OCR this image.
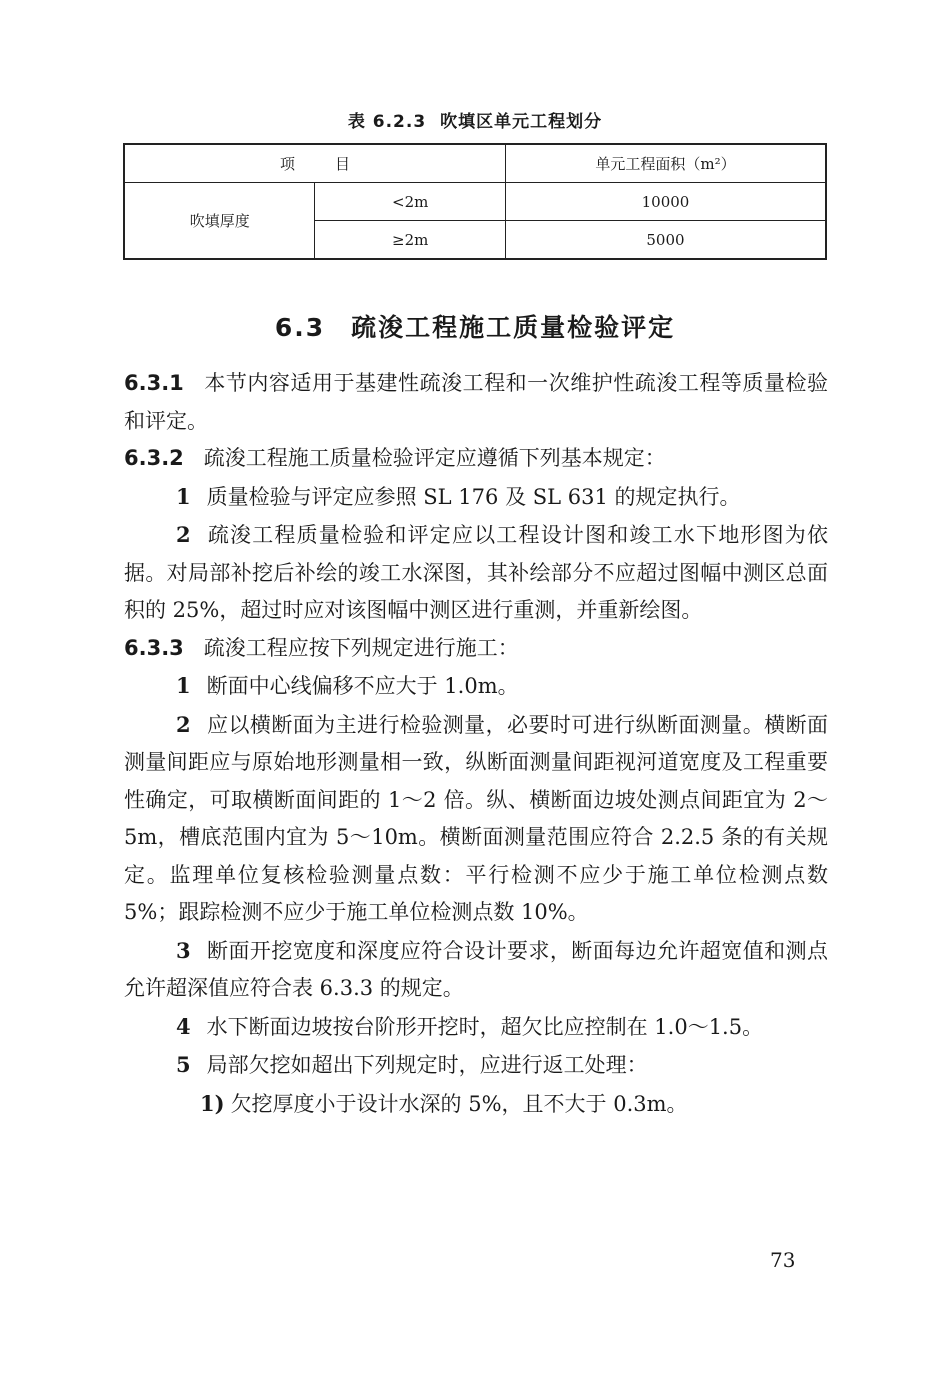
表 6.2.3 吹填区单元工程划分
项目		单元工程面积（m²）
吹填厚度	<2m	10000
	≥2m	5000
6.3 疏浚工程施工质量检验评定

6.3.1 本节内容适用于基建性疏浚工程和一次维护性疏浚工程等质量检验和评定。

6.3.2 疏浚工程施工质量检验评定应遵循下列基本规定：

1 质量检验与评定应参照 SL 176 及 SL 631 的规定执行。

2 疏浚工程质量检验和评定应以工程设计图和竣工水下地形图为依据。对局部补挖后补绘的竣工水深图，其补绘部分不应超过图幅中测区总面积的 25%，超过时应对该图幅中测区进行重测，并重新绘图。

6.3.3 疏浚工程应按下列规定进行施工：

1 断面中心线偏移不应大于 1.0m。

2 应以横断面为主进行检验测量，必要时可进行纵断面测量。横断面测量间距应与原始地形测量相一致，纵断面测量间距视河道宽度及工程重要性确定，可取横断面间距的 1～2 倍。纵、横断面边坡处测点间距宜为 2～5m，槽底范围内宜为 5～10m。横断面测量范围应符合 2.2.5 条的有关规定。监理单位复核检验测量点数：平行检测不应少于施工单位检测点数 5%；跟踪检测不应少于施工单位检测点数 10%。

3 断面开挖宽度和深度应符合设计要求，断面每边允许超宽值和测点允许超深值应符合表 6.3.3 的规定。

4 水下断面边坡按台阶形开挖时，超欠比应控制在 1.0～1.5。

5 局部欠挖如超出下列规定时，应进行返工处理：

1) 欠挖厚度小于设计水深的 5%，且不大于 0.3m。

73
